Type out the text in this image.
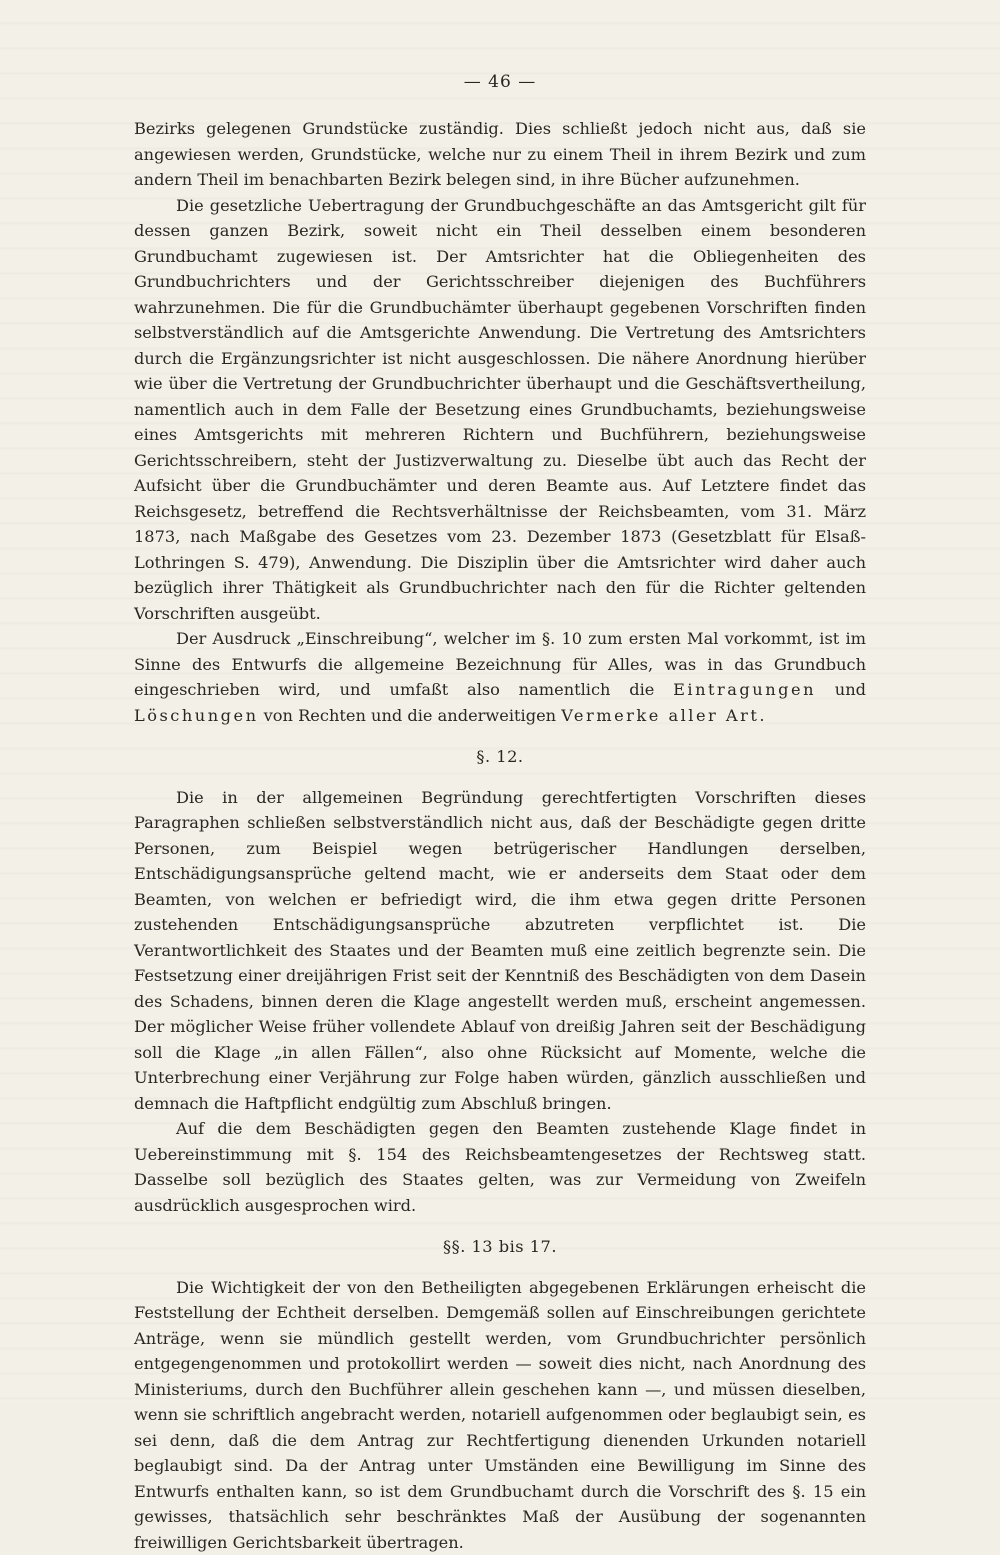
— 46 —

Bezirks gelegenen Grundstücke zuständig. Dies schließt jedoch nicht aus, daß sie angewiesen werden, Grundstücke, welche nur zu einem Theil in ihrem Bezirk und zum andern Theil im benachbarten Bezirk belegen sind, in ihre Bücher aufzunehmen.

Die gesetzliche Uebertragung der Grundbuchgeschäfte an das Amtsgericht gilt für dessen ganzen Bezirk, soweit nicht ein Theil desselben einem besonderen Grundbuchamt zugewiesen ist. Der Amtsrichter hat die Obliegenheiten des Grundbuchrichters und der Gerichtsschreiber diejenigen des Buchführers wahrzunehmen. Die für die Grundbuchämter überhaupt gegebenen Vorschriften finden selbstverständlich auf die Amtsgerichte Anwendung. Die Vertretung des Amtsrichters durch die Ergänzungsrichter ist nicht ausgeschlossen. Die nähere Anordnung hierüber wie über die Vertretung der Grundbuchrichter überhaupt und die Geschäftsvertheilung, namentlich auch in dem Falle der Besetzung eines Grundbuchamts, beziehungsweise eines Amtsgerichts mit mehreren Richtern und Buchführern, beziehungsweise Gerichtsschreibern, steht der Justizverwaltung zu. Dieselbe übt auch das Recht der Aufsicht über die Grundbuchämter und deren Beamte aus. Auf Letztere findet das Reichsgesetz, betreffend die Rechtsverhältnisse der Reichsbeamten, vom 31. März 1873, nach Maßgabe des Gesetzes vom 23. Dezember 1873 (Gesetzblatt für Elsaß-Lothringen S. 479), Anwendung. Die Disziplin über die Amtsrichter wird daher auch bezüglich ihrer Thätigkeit als Grundbuchrichter nach den für die Richter geltenden Vorschriften ausgeübt.

Der Ausdruck „Einschreibung“, welcher im §. 10 zum ersten Mal vorkommt, ist im Sinne des Entwurfs die allgemeine Bezeichnung für Alles, was in das Grundbuch eingeschrieben wird, und umfaßt also namentlich die Eintragungen und Löschungen von Rechten und die anderweitigen Vermerke aller Art.

§. 12.

Die in der allgemeinen Begründung gerechtfertigten Vorschriften dieses Paragraphen schließen selbstverständlich nicht aus, daß der Beschädigte gegen dritte Personen, zum Beispiel wegen betrügerischer Handlungen derselben, Entschädigungsansprüche geltend macht, wie er anderseits dem Staat oder dem Beamten, von welchen er befriedigt wird, die ihm etwa gegen dritte Personen zustehenden Entschädigungsansprüche abzutreten verpflichtet ist. Die Verantwortlichkeit des Staates und der Beamten muß eine zeitlich begrenzte sein. Die Festsetzung einer dreijährigen Frist seit der Kenntniß des Beschädigten von dem Dasein des Schadens, binnen deren die Klage angestellt werden muß, erscheint angemessen. Der möglicher Weise früher vollendete Ablauf von dreißig Jahren seit der Beschädigung soll die Klage „in allen Fällen“, also ohne Rücksicht auf Momente, welche die Unterbrechung einer Verjährung zur Folge haben würden, gänzlich ausschließen und demnach die Haftpflicht endgültig zum Abschluß bringen.

Auf die dem Beschädigten gegen den Beamten zustehende Klage findet in Uebereinstimmung mit §. 154 des Reichsbeamtengesetzes der Rechtsweg statt. Dasselbe soll bezüglich des Staates gelten, was zur Vermeidung von Zweifeln ausdrücklich ausgesprochen wird.

§§. 13 bis 17.

Die Wichtigkeit der von den Betheiligten abgegebenen Erklärungen erheischt die Feststellung der Echtheit derselben. Demgemäß sollen auf Einschreibungen gerichtete Anträge, wenn sie mündlich gestellt werden, vom Grundbuchrichter persönlich entgegengenommen und protokollirt werden — soweit dies nicht, nach Anordnung des Ministeriums, durch den Buchführer allein geschehen kann —, und müssen dieselben, wenn sie schriftlich angebracht werden, notariell aufgenommen oder beglaubigt sein, es sei denn, daß die dem Antrag zur Rechtfertigung dienenden Urkunden notariell beglaubigt sind. Da der Antrag unter Umständen eine Bewilligung im Sinne des Entwurfs enthalten kann, so ist dem Grundbuchamt durch die Vorschrift des §. 15 ein gewisses, thatsächlich sehr beschränktes Maß der Ausübung der sogenannten freiwilligen Gerichtsbarkeit übertragen.
